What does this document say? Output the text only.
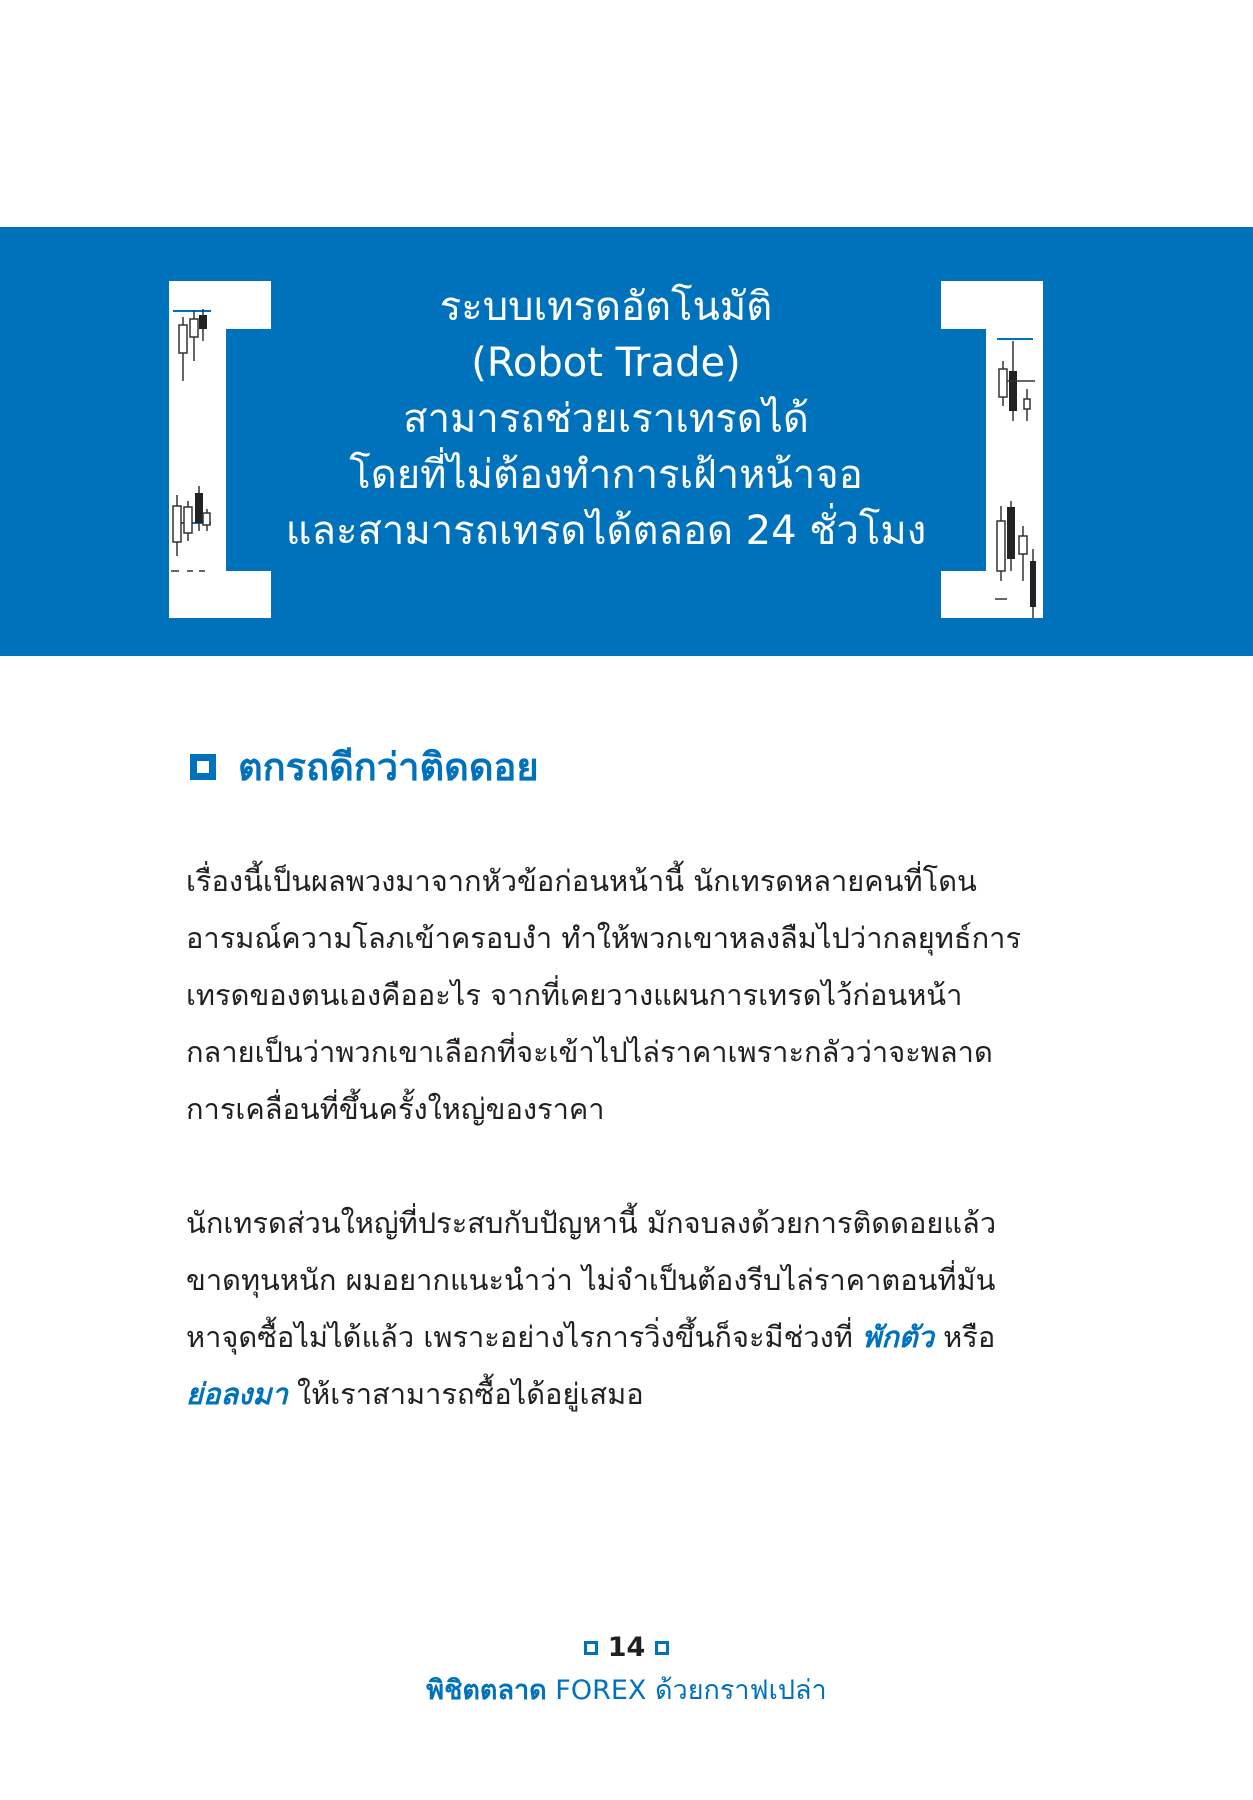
ระบบเทรดอัตโนมัติ
(Robot Trade)
สามารถช่วยเราเทรดได้
โดยที่ไม่ต้องทำการเฝ้าหน้าจอ
และสามารถเทรดได้ตลอด 24 ชั่วโมง
ตกรถดีกว่าติดดอย
เรื่องนี้เป็นผลพวงมาจากหัวข้อก่อนหน้านี้ นักเทรดหลายคนที่โดน
อารมณ์ความโลภเข้าครอบงำ ทำให้พวกเขาหลงลืมไปว่ากลยุทธ์การ
เทรดของตนเองคืออะไร จากที่เคยวางแผนการเทรดไว้ก่อนหน้า
กลายเป็นว่าพวกเขาเลือกที่จะเข้าไปไล่ราคาเพราะกลัวว่าจะพลาด
การเคลื่อนที่ขึ้นครั้งใหญ่ของราคา
นักเทรดส่วนใหญ่ที่ประสบกับปัญหานี้ มักจบลงด้วยการติดดอยแล้ว
ขาดทุนหนัก ผมอยากแนะนำว่า ไม่จำเป็นต้องรีบไล่ราคาตอนที่มัน
หาจุดซื้อไม่ได้แล้ว เพราะอย่างไรการวิ่งขึ้นก็จะมีช่วงที่ พักตัว หรือ
ย่อลงมา ให้เราสามารถซื้อได้อยู่เสมอ
14
พิชิตตลาด FOREX ด้วยกราฟเปล่า
